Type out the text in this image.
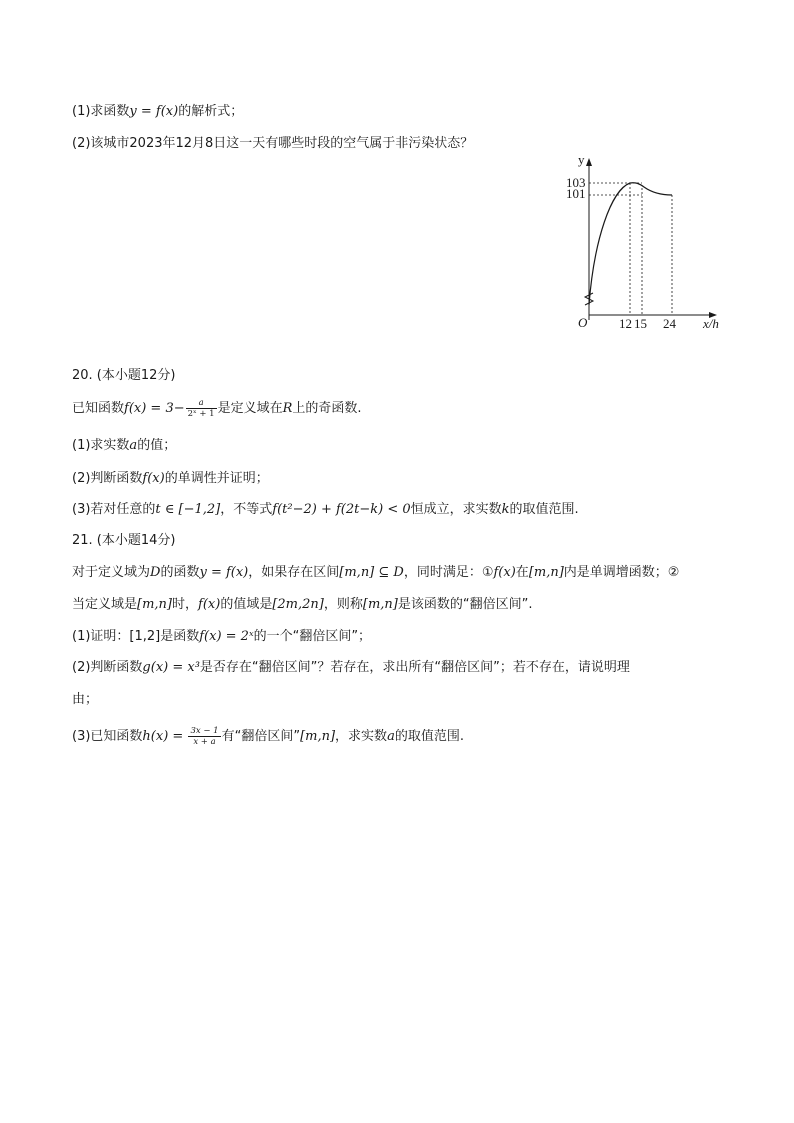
(1)求函数y = f(x)的解析式；
(2)该城市2023年12月8日这一天有哪些时段的空气属于非污染状态？
y
x/h
O
103
101
12 15 24
20. (本小题12分)
已知函数$f(x) = 3- \frac{a}{\text{2ˣ + 1}}$ 是定义域在R上的奇函数.
(1)求实数a的值；
(2)判断函数f(x)的单调性并证明；
(3)若对任意的t ∈ [−1,2]，不等式f(t²−2) + f(2t−k) < 0恒成立，求实数k的取值范围.
21. (本小题14分)
对于定义域为D的函数y = f(x)，如果存在区间[m,n] ⊆ D，同时满足：①f(x)在[m,n]内是单调增函数；②
当定义域是[m,n]时，f(x)的值域是[2m,2n]，则称[m,n]是该函数的“翻倍区间”.
(1)证明：[1,2]是函数f(x) = 2ˣ的一个“翻倍区间”；
(2)判断函数g(x) = x³是否存在“翻倍区间”？若存在，求出所有“翻倍区间”；若不存在，请说明理
由；
(3)已知函数$h(x) = \frac{3x - 1}{x + a}$ 有“翻倍区间”[m,n]，求实数a的取值范围.
